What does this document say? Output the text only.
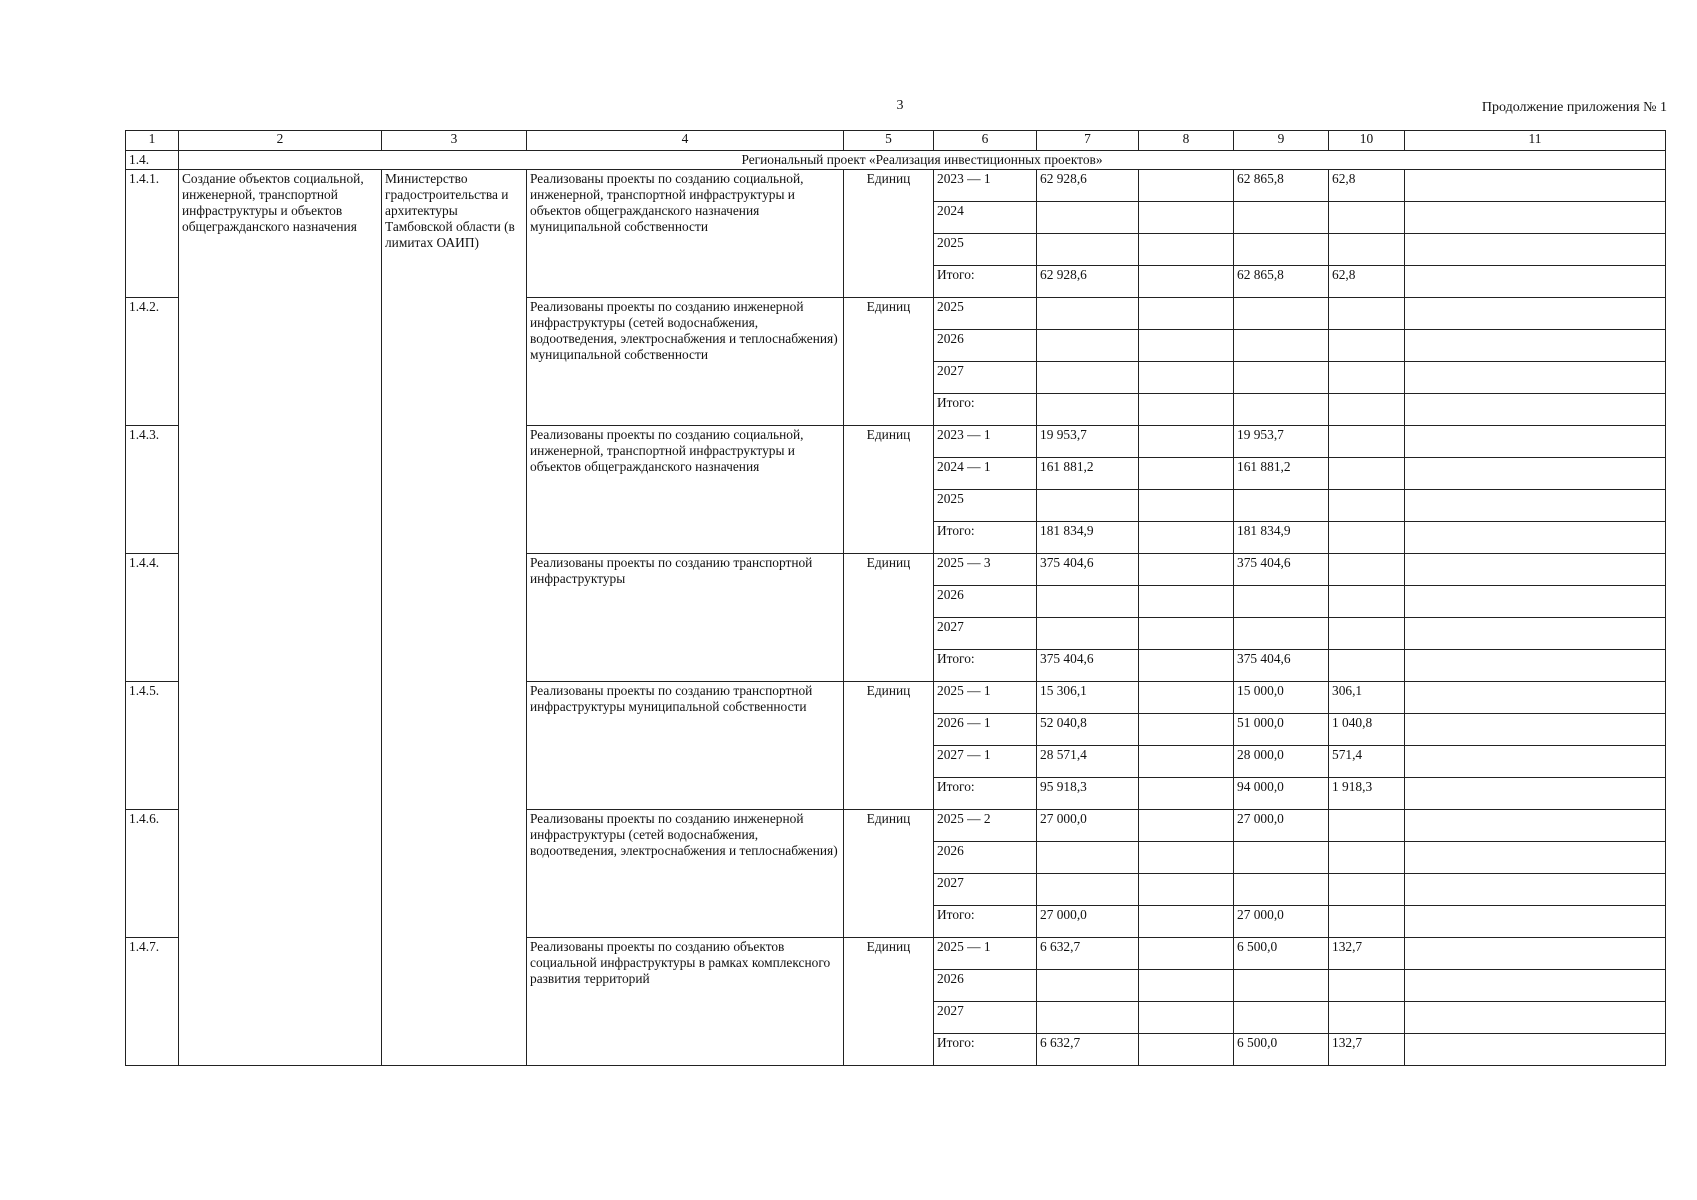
3	Продолжение приложения № 1
1	2	3	4	5	6	7	8	9	10	11
1.4.	Региональный проект «Реализация инвестиционных проектов»									
1.4.1.	Создание объектов социальной, инженерной, транспортной инфраструктуры и объектов общегражданского назначения	Министерство градостроительства и архитектуры Тамбовской области (в лимитах ОАИП)	Реализованы проекты по созданию социальной, инженерной, транспортной инфраструктуры и объектов общегражданского назначения муниципальной собственности	Единиц	2023 — 1	62 928,6		62 865,8	62,8	
					2024					
					2025					
					Итого:	62 928,6		62 865,8	62,8	
1.4.2.			Реализованы проекты по созданию инженерной инфраструктуры (сетей водоснабжения, водоотведения, электроснабжения и теплоснабжения) муниципальной собственности	Единиц	2025					
					2026					
					2027					
					Итого:					
1.4.3.			Реализованы проекты по созданию социальной, инженерной, транспортной инфраструктуры и объектов общегражданского назначения	Единиц	2023 — 1	19 953,7		19 953,7		
					2024 — 1	161 881,2		161 881,2		
					2025					
					Итого:	181 834,9		181 834,9		
1.4.4.			Реализованы проекты по созданию транспортной инфраструктуры	Единиц	2025 — 3	375 404,6		375 404,6		
					2026					
					2027					
					Итого:	375 404,6		375 404,6		
1.4.5.			Реализованы проекты по созданию транспортной инфраструктуры муниципальной собственности	Единиц	2025 — 1	15 306,1		15 000,0	306,1	
					2026 — 1	52 040,8		51 000,0	1 040,8	
					2027 — 1	28 571,4		28 000,0	571,4	
					Итого:	95 918,3		94 000,0	1 918,3	
1.4.6.			Реализованы проекты по созданию инженерной инфраструктуры (сетей водоснабжения, водоотведения, электроснабжения и теплоснабжения)	Единиц	2025 — 2	27 000,0		27 000,0		
					2026					
					2027					
					Итого:	27 000,0		27 000,0		
1.4.7.			Реализованы проекты по созданию объектов социальной инфраструктуры в рамках комплексного развития территорий	Единиц	2025 — 1	6 632,7		6 500,0	132,7	
					2026					
					2027					
					Итого:	6 632,7		6 500,0	132,7	
